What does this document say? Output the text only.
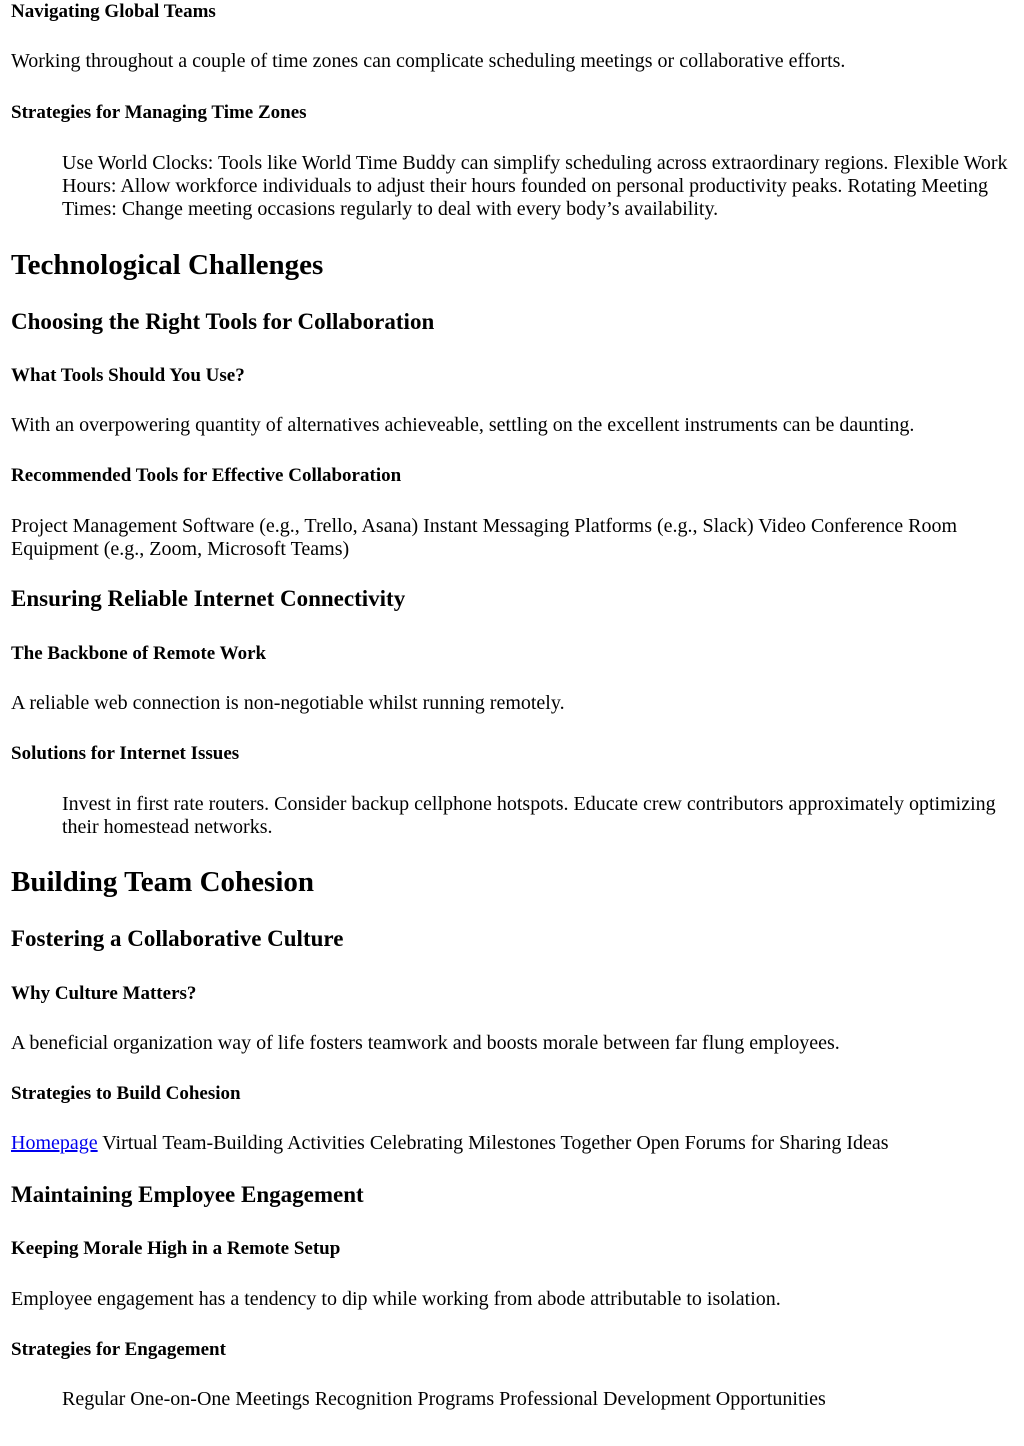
Navigating Global Teams
Working throughout a couple of time zones can complicate scheduling meetings or collaborative efforts.
Strategies for Managing Time Zones
Use World Clocks: Tools like World Time Buddy can simplify scheduling across extraordinary regions. Flexible Work Hours: Allow workforce individuals to adjust their hours founded on personal productivity peaks. Rotating Meeting Times: Change meeting occasions regularly to deal with every body’s availability.
Technological Challenges
Choosing the Right Tools for Collaboration
What Tools Should You Use?
With an overpowering quantity of alternatives achieveable, settling on the excellent instruments can be daunting.
Recommended Tools for Effective Collaboration
Project Management Software (e.g., Trello, Asana) Instant Messaging Platforms (e.g., Slack) Video Conference Room Equipment (e.g., Zoom, Microsoft Teams)
Ensuring Reliable Internet Connectivity
The Backbone of Remote Work
A reliable web connection is non-negotiable whilst running remotely.
Solutions for Internet Issues
Invest in first rate routers. Consider backup cellphone hotspots. Educate crew contributors approximately optimizing their homestead networks.
Building Team Cohesion
Fostering a Collaborative Culture
Why Culture Matters?
A beneficial organization way of life fosters teamwork and boosts morale between far flung employees.
Strategies to Build Cohesion
Homepage Virtual Team-Building Activities Celebrating Milestones Together Open Forums for Sharing Ideas
Maintaining Employee Engagement
Keeping Morale High in a Remote Setup
Employee engagement has a tendency to dip while working from abode attributable to isolation.
Strategies for Engagement
Regular One-on-One Meetings Recognition Programs Professional Development Opportunities
